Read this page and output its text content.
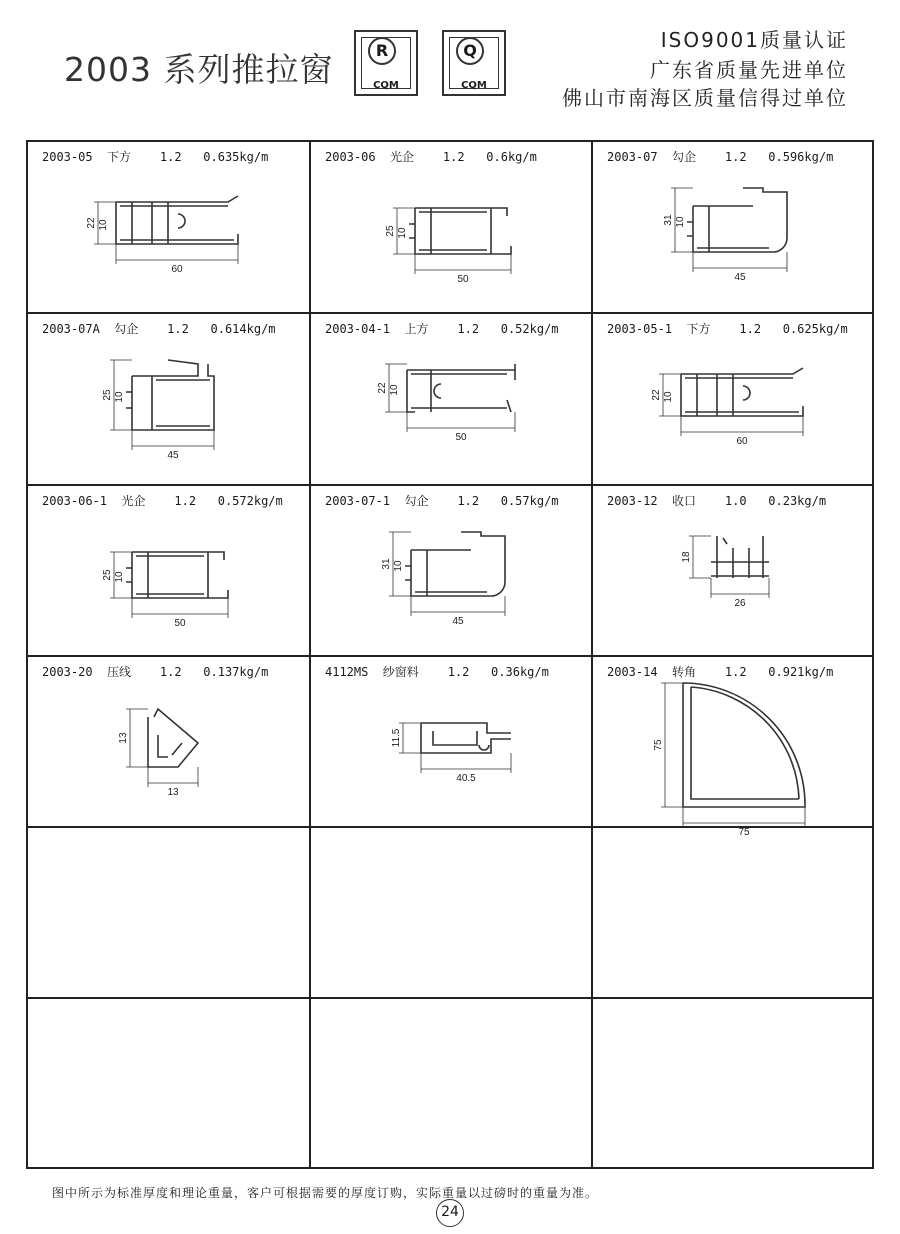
2003 系列推拉窗	R
CQM
Q
CQM
ISO9001质量认证
广东省质量先进单位
佛山市南海区质量信得过单位
2003-05  下方    1.2   0.635kg/m
22 10
60
2003-06  光企    1.2   0.6kg/m
25 10
50
2003-07  勾企    1.2   0.596kg/m
31 10
45
2003-07A  勾企    1.2   0.614kg/m
25 10
45
2003-04-1  上方    1.2   0.52kg/m
22 10
50
2003-05-1  下方    1.2   0.625kg/m
22 10
60
2003-06-1  光企    1.2   0.572kg/m
25 10
50
2003-07-1  勾企    1.2   0.57kg/m
31 10
45
2003-12  收口    1.0   0.23kg/m
18
26
2003-20  压线    1.2   0.137kg/m
13
13
4112MS  纱窗料    1.2   0.36kg/m
11.5
40.5
2003-14  转角    1.2   0.921kg/m
75
75
图中所示为标准厚度和理论重量，客户可根据需要的厚度订购，实际重量以过磅时的重量为准。
24
